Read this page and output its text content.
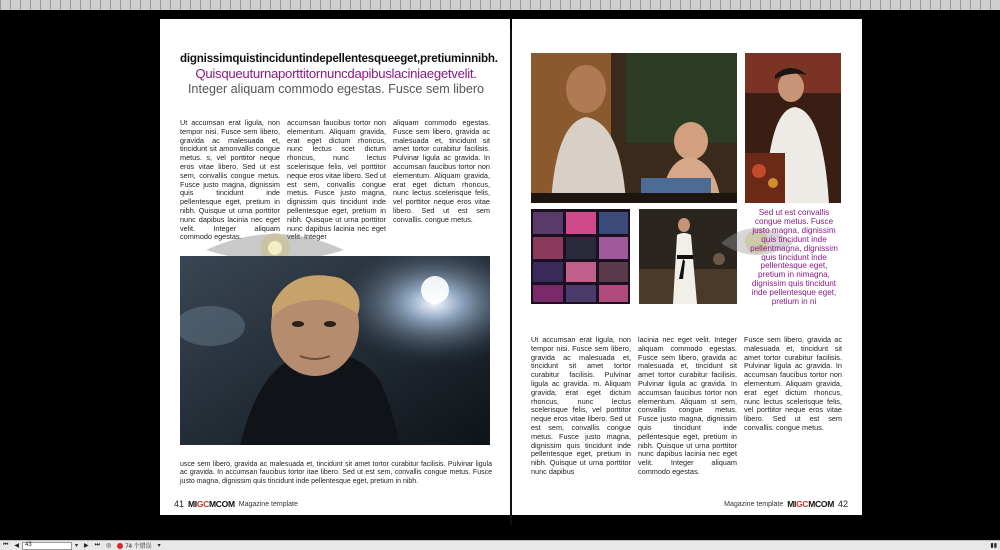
dignissimquistinciduntindepellentesqueeget,pretiuminnibh.
Quisqueuturnaporttitornuncdapibuslaciniaegetvelit.
Integer aliquam commodo egestas. Fusce sem libero
Ut accumsan erat ligula, non tempor nisi. Fusce sem libero, gravida ac malesuada et, tincidunt sit amonvallis congue metus. s, vel porttitor neque eros vitae libero. Sed ut est sem, convallis congue metus. Fusce justo magna, dignissim quis tincidunt inde pellentesque eget, pretium in nibh. Quisque ut urna porttitor nunc dapibus lacinia nec eget velit. Integer aliquam commodo egestas.
accumsan faucibus tortor non elementum. Aliquam gravida, erat eget dictum rhoncus, nunc lectus scet dictum rhoncus, nunc lectus scelerisque felis, vel porttitor neque eros vitae libero. Sed ut est sem, convallis congue metus. Fusce justo magna, dignissim quis tincidunt inde pellentesque eget, pretium in nibh. Quisque ut urna porttitor nunc dapibus lacinia nec eget velit. Integer
aliquam commodo egestas. Fusce sem libero, gravida ac malesuada et, tincidunt sit amet tortor curabitur facilisis. Pulvinar ligula ac gravida. In accumsan faucibus tortor non elementum. Aliquam gravida, erat eget dictum rhoncus, nunc lectus scelerisque felis, vel porttitor neque eros vitae libero. Sed ut est sem convallis. congue metus.
usce sem libero, gravida ac malesuada et, tincidunt sit amet tortor curabitur facilisis. Pulvinar ligula ac gravida. In accumsan faucibus tortor itae libero. Sed ut est sem, convallis congue metus. Fusce justo magna, dignissim quis tincidunt inde pellentesque eget, pretium in nibh.
41 MIGCMCOM Magazine template
Sed ut est convallis congue metus. Fusce justo magna, dignissim quis tincidunt inde pellentmagna, dignissim quis tincidunt inde pellentesque eget, pretium in nimagna, dignissim quis tincidunt inde pellentesque eget, pretium in ni
Ut accumsan erat ligula, non tempor nisi. Fusce sem libero, gravida ac malesuada et, tincidunt sit amet tortor curabitur facilisis. Pulvinar ligula ac gravida. m. Aliquam gravida, erat eget dictum rhoncus, nunc lectus scelerisque felis, vel porttitor neque eros vitae libero. Sed ut est sem, convallis congue metus. Fusce justo magna, dignissim quis tincidunt inde pellentesque eget, pretium in nibh. Quisque ut urna porttitor nunc dapibus
lacinia nec eget velit. Integer aliquam commodo egestas. Fusce sem libero, gravida ac malesuada et, tincidunt sit amet tortor curabitur facilisis. Pulvinar ligula ac gravida. In accumsan faucibus tortor non elementum. Aliquam st sem, convallis congue metus. Fusce justo magna, dignissim quis tincidunt inde pellentesque eget, pretium in nibh. Quisque ut urna porttitor nunc dapibus lacinia nec eget velit. Integer aliquam commodo egestas.
Fusce sem libero, gravida ac malesuada et, tincidunt sit amet tortor curabitur facilisis. Pulvinar ligula ac gravida. In accumsan faucibus tortor non elementum. Aliquam gravida, erat eget dictum rhoncus, nunc lectus scelerisque felis, vel porttitor neque eros vitae libero. Sed ut est sem convallis. congue metus.
Magazine template MIGCMCOM 42
⏮	◀	43	▾	▶	⏭	◎	74 个错误	▾	▮▮
